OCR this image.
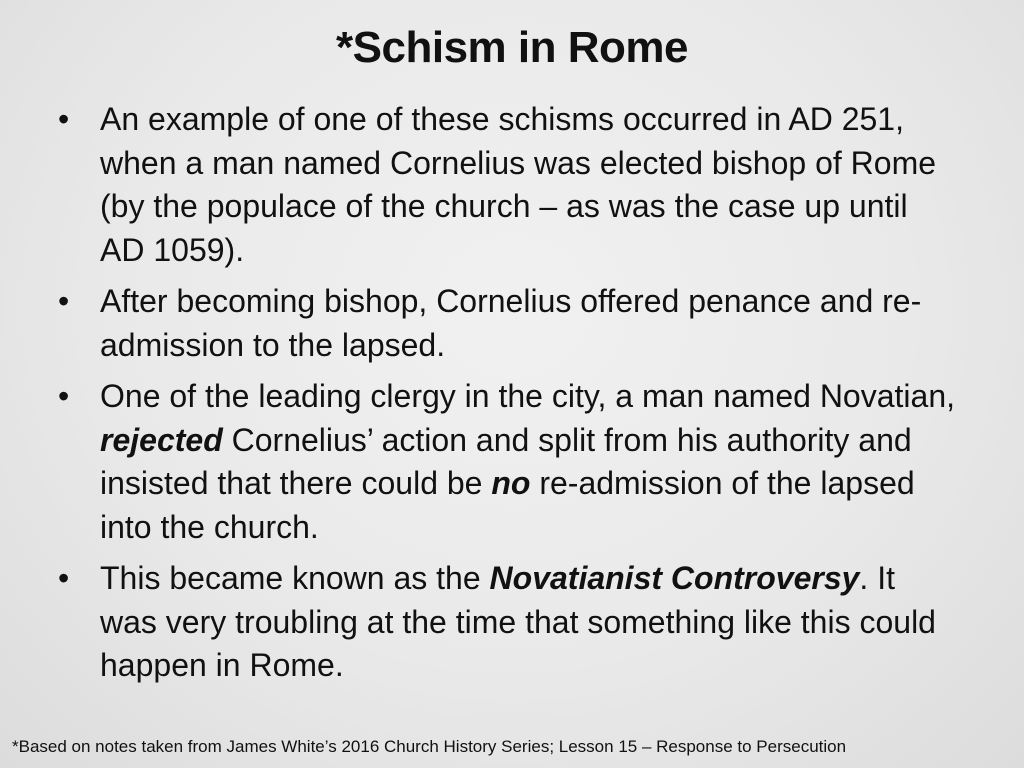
*Schism in Rome
• An example of one of these schisms occurred in AD 251, when a man named Cornelius was elected bishop of Rome (by the populace of the church – as was the case up until AD 1059).
• After becoming bishop, Cornelius offered penance and re-admission to the lapsed.
• One of the leading clergy in the city, a man named Novatian, rejected Cornelius’ action and split from his authority and insisted that there could be no re-admission of the lapsed into the church.
• This became known as the Novatianist Controversy. It was very troubling at the time that something like this could happen in Rome.
*Based on notes taken from James White’s 2016 Church History Series; Lesson 15 – Response to Persecution
